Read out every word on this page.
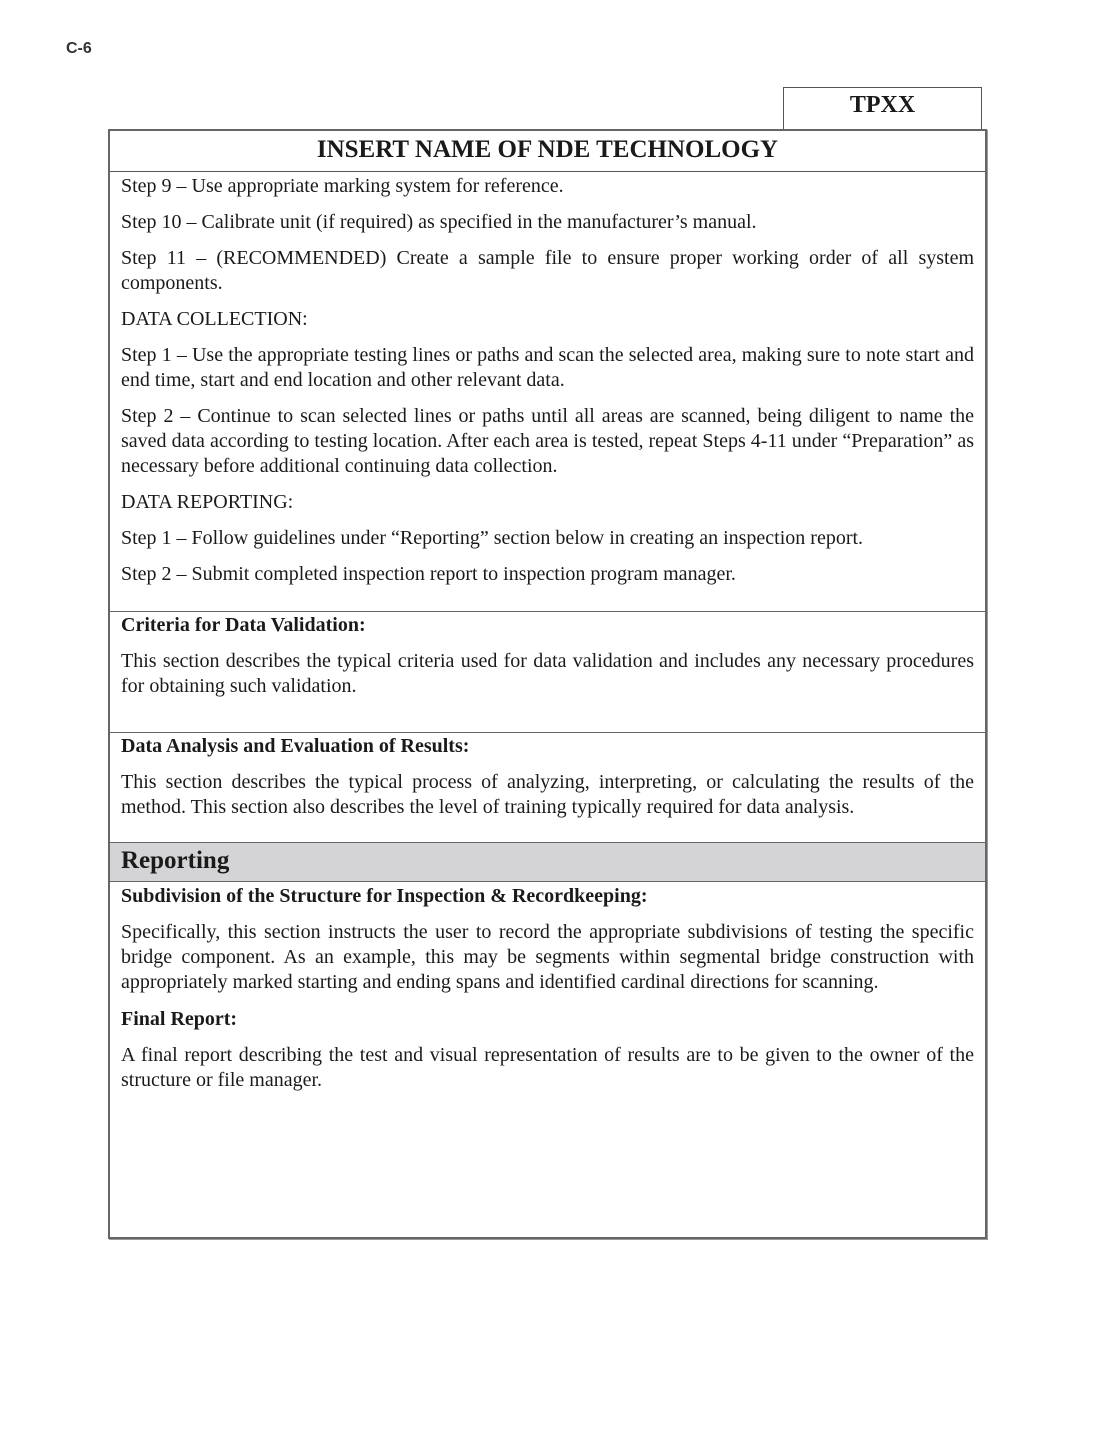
C-6
TPXX
INSERT NAME OF NDE TECHNOLOGY

Step 9 – Use appropriate marking system for reference.

Step 10 – Calibrate unit (if required) as specified in the manufacturer’s manual.

Step 11 – (RECOMMENDED) Create a sample file to ensure proper working order of all system components.

DATA COLLECTION:

Step 1 – Use the appropriate testing lines or paths and scan the selected area, making sure to note start and end time, start and end location and other relevant data.

Step 2 – Continue to scan selected lines or paths until all areas are scanned, being diligent to name the saved data according to testing location. After each area is tested, repeat Steps 4-11 under “Preparation” as necessary before additional continuing data collection.

DATA REPORTING:

Step 1 – Follow guidelines under “Reporting” section below in creating an inspection report.

Step 2 – Submit completed inspection report to inspection program manager.

Criteria for Data Validation:

This section describes the typical criteria used for data validation and includes any necessary procedures for obtaining such validation.

Data Analysis and Evaluation of Results:

This section describes the typical process of analyzing, interpreting, or calculating the results of the method. This section also describes the level of training typically required for data analysis.

Reporting
Subdivision of the Structure for Inspection & Recordkeeping:

Specifically, this section instructs the user to record the appropriate subdivisions of testing the specific bridge component. As an example, this may be segments within segmental bridge construction with appropriately marked starting and ending spans and identified cardinal directions for scanning.

Final Report:

A final report describing the test and visual representation of results are to be given to the owner of the structure or file manager.
